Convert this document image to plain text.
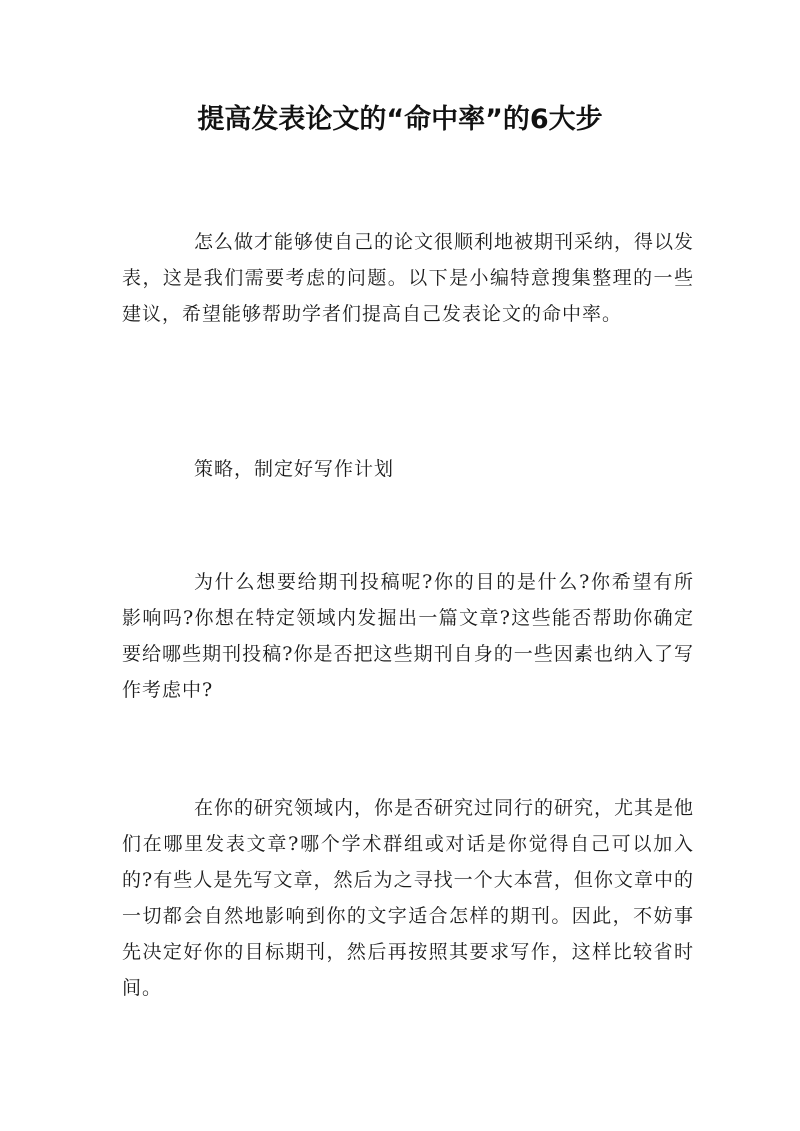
提高发表论文的“命中率”的6大步

怎么做才能够使自己的论文很顺利地被期刊采纳，得以发表，这是我们需要考虑的问题。以下是小编特意搜集整理的一些建议，希望能够帮助学者们提高自己发表论文的命中率。

策略，制定好写作计划

为什么想要给期刊投稿呢?你的目的是什么?你希望有所影响吗?你想在特定领域内发掘出一篇文章?这些能否帮助你确定要给哪些期刊投稿?你是否把这些期刊自身的一些因素也纳入了写作考虑中?

在你的研究领域内，你是否研究过同行的研究，尤其是他们在哪里发表文章?哪个学术群组或对话是你觉得自己可以加入的?有些人是先写文章，然后为之寻找一个大本营，但你文章中的一切都会自然地影响到你的文字适合怎样的期刊。因此，不妨事先决定好你的目标期刊，然后再按照其要求写作，这样比较省时间。
